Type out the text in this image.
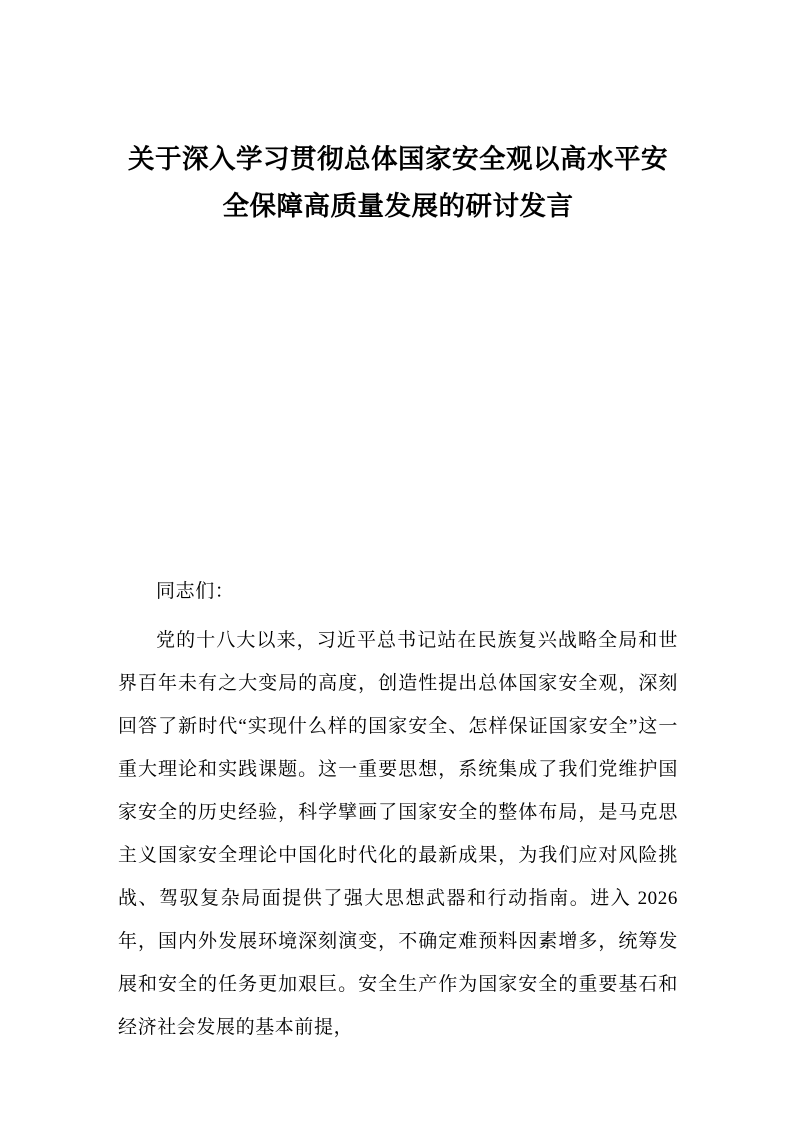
关于深入学习贯彻总体国家安全观以高水平安全保障高质量发展的研讨发言

同志们：

党的十八大以来，习近平总书记站在民族复兴战略全局和世界百年未有之大变局的高度，创造性提出总体国家安全观，深刻回答了新时代“实现什么样的国家安全、怎样保证国家安全”这一重大理论和实践课题。这一重要思想，系统集成了我们党维护国家安全的历史经验，科学擘画了国家安全的整体布局，是马克思主义国家安全理论中国化时代化的最新成果，为我们应对风险挑战、驾驭复杂局面提供了强大思想武器和行动指南。进入 2026 年，国内外发展环境深刻演变，不确定难预料因素增多，统筹发展和安全的任务更加艰巨。安全生产作为国家安全的重要基石和经济社会发展的基本前提，
